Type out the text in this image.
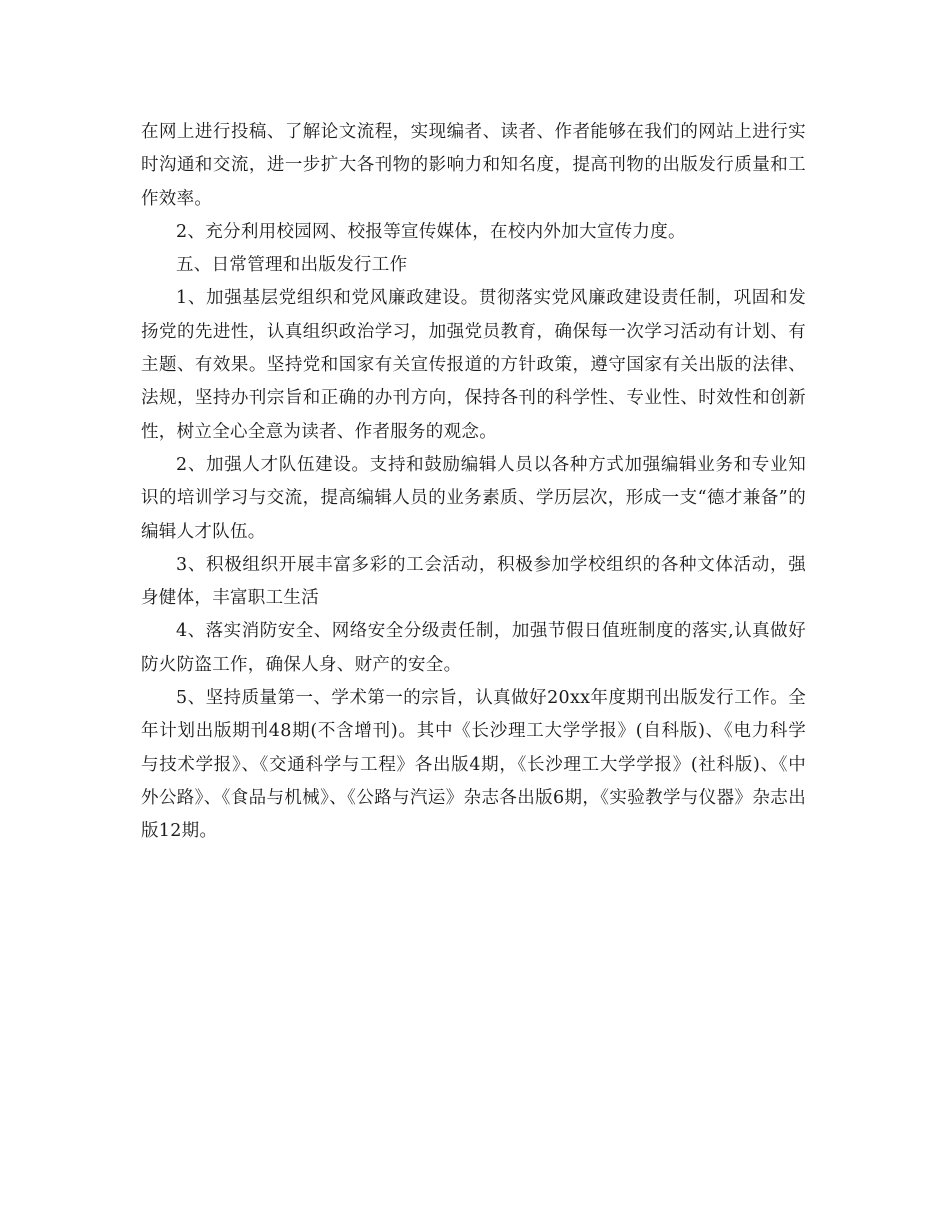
在网上进行投稿、了解论文流程，实现编者、读者、作者能够在我们的网站上进行实时沟通和交流，进一步扩大各刊物的影响力和知名度，提高刊物的出版发行质量和工作效率。

2、充分利用校园网、校报等宣传媒体，在校内外加大宣传力度。

五、日常管理和出版发行工作

1、加强基层党组织和党风廉政建设。贯彻落实党风廉政建设责任制，巩固和发扬党的先进性，认真组织政治学习，加强党员教育，确保每一次学习活动有计划、有主题、有效果。坚持党和国家有关宣传报道的方针政策，遵守国家有关出版的法律、法规，坚持办刊宗旨和正确的办刊方向，保持各刊的科学性、专业性、时效性和创新性，树立全心全意为读者、作者服务的观念。

2、加强人才队伍建设。支持和鼓励编辑人员以各种方式加强编辑业务和专业知识的培训学习与交流，提高编辑人员的业务素质、学历层次，形成一支“德才兼备”的编辑人才队伍。

3、积极组织开展丰富多彩的工会活动，积极参加学校组织的各种文体活动，强身健体，丰富职工生活

4、落实消防安全、网络安全分级责任制，加强节假日值班制度的落实,认真做好防火防盗工作，确保人身、财产的安全。

5、坚持质量第一、学术第一的宗旨，认真做好20xx年度期刊出版发行工作。全年计划出版期刊48期(不含增刊)。其中《长沙理工大学学报》(自科版)、《电力科学与技术学报》、《交通科学与工程》各出版4期，《长沙理工大学学报》(社科版)、《中外公路》、《食品与机械》、《公路与汽运》杂志各出版6期，《实验教学与仪器》杂志出版12期。
